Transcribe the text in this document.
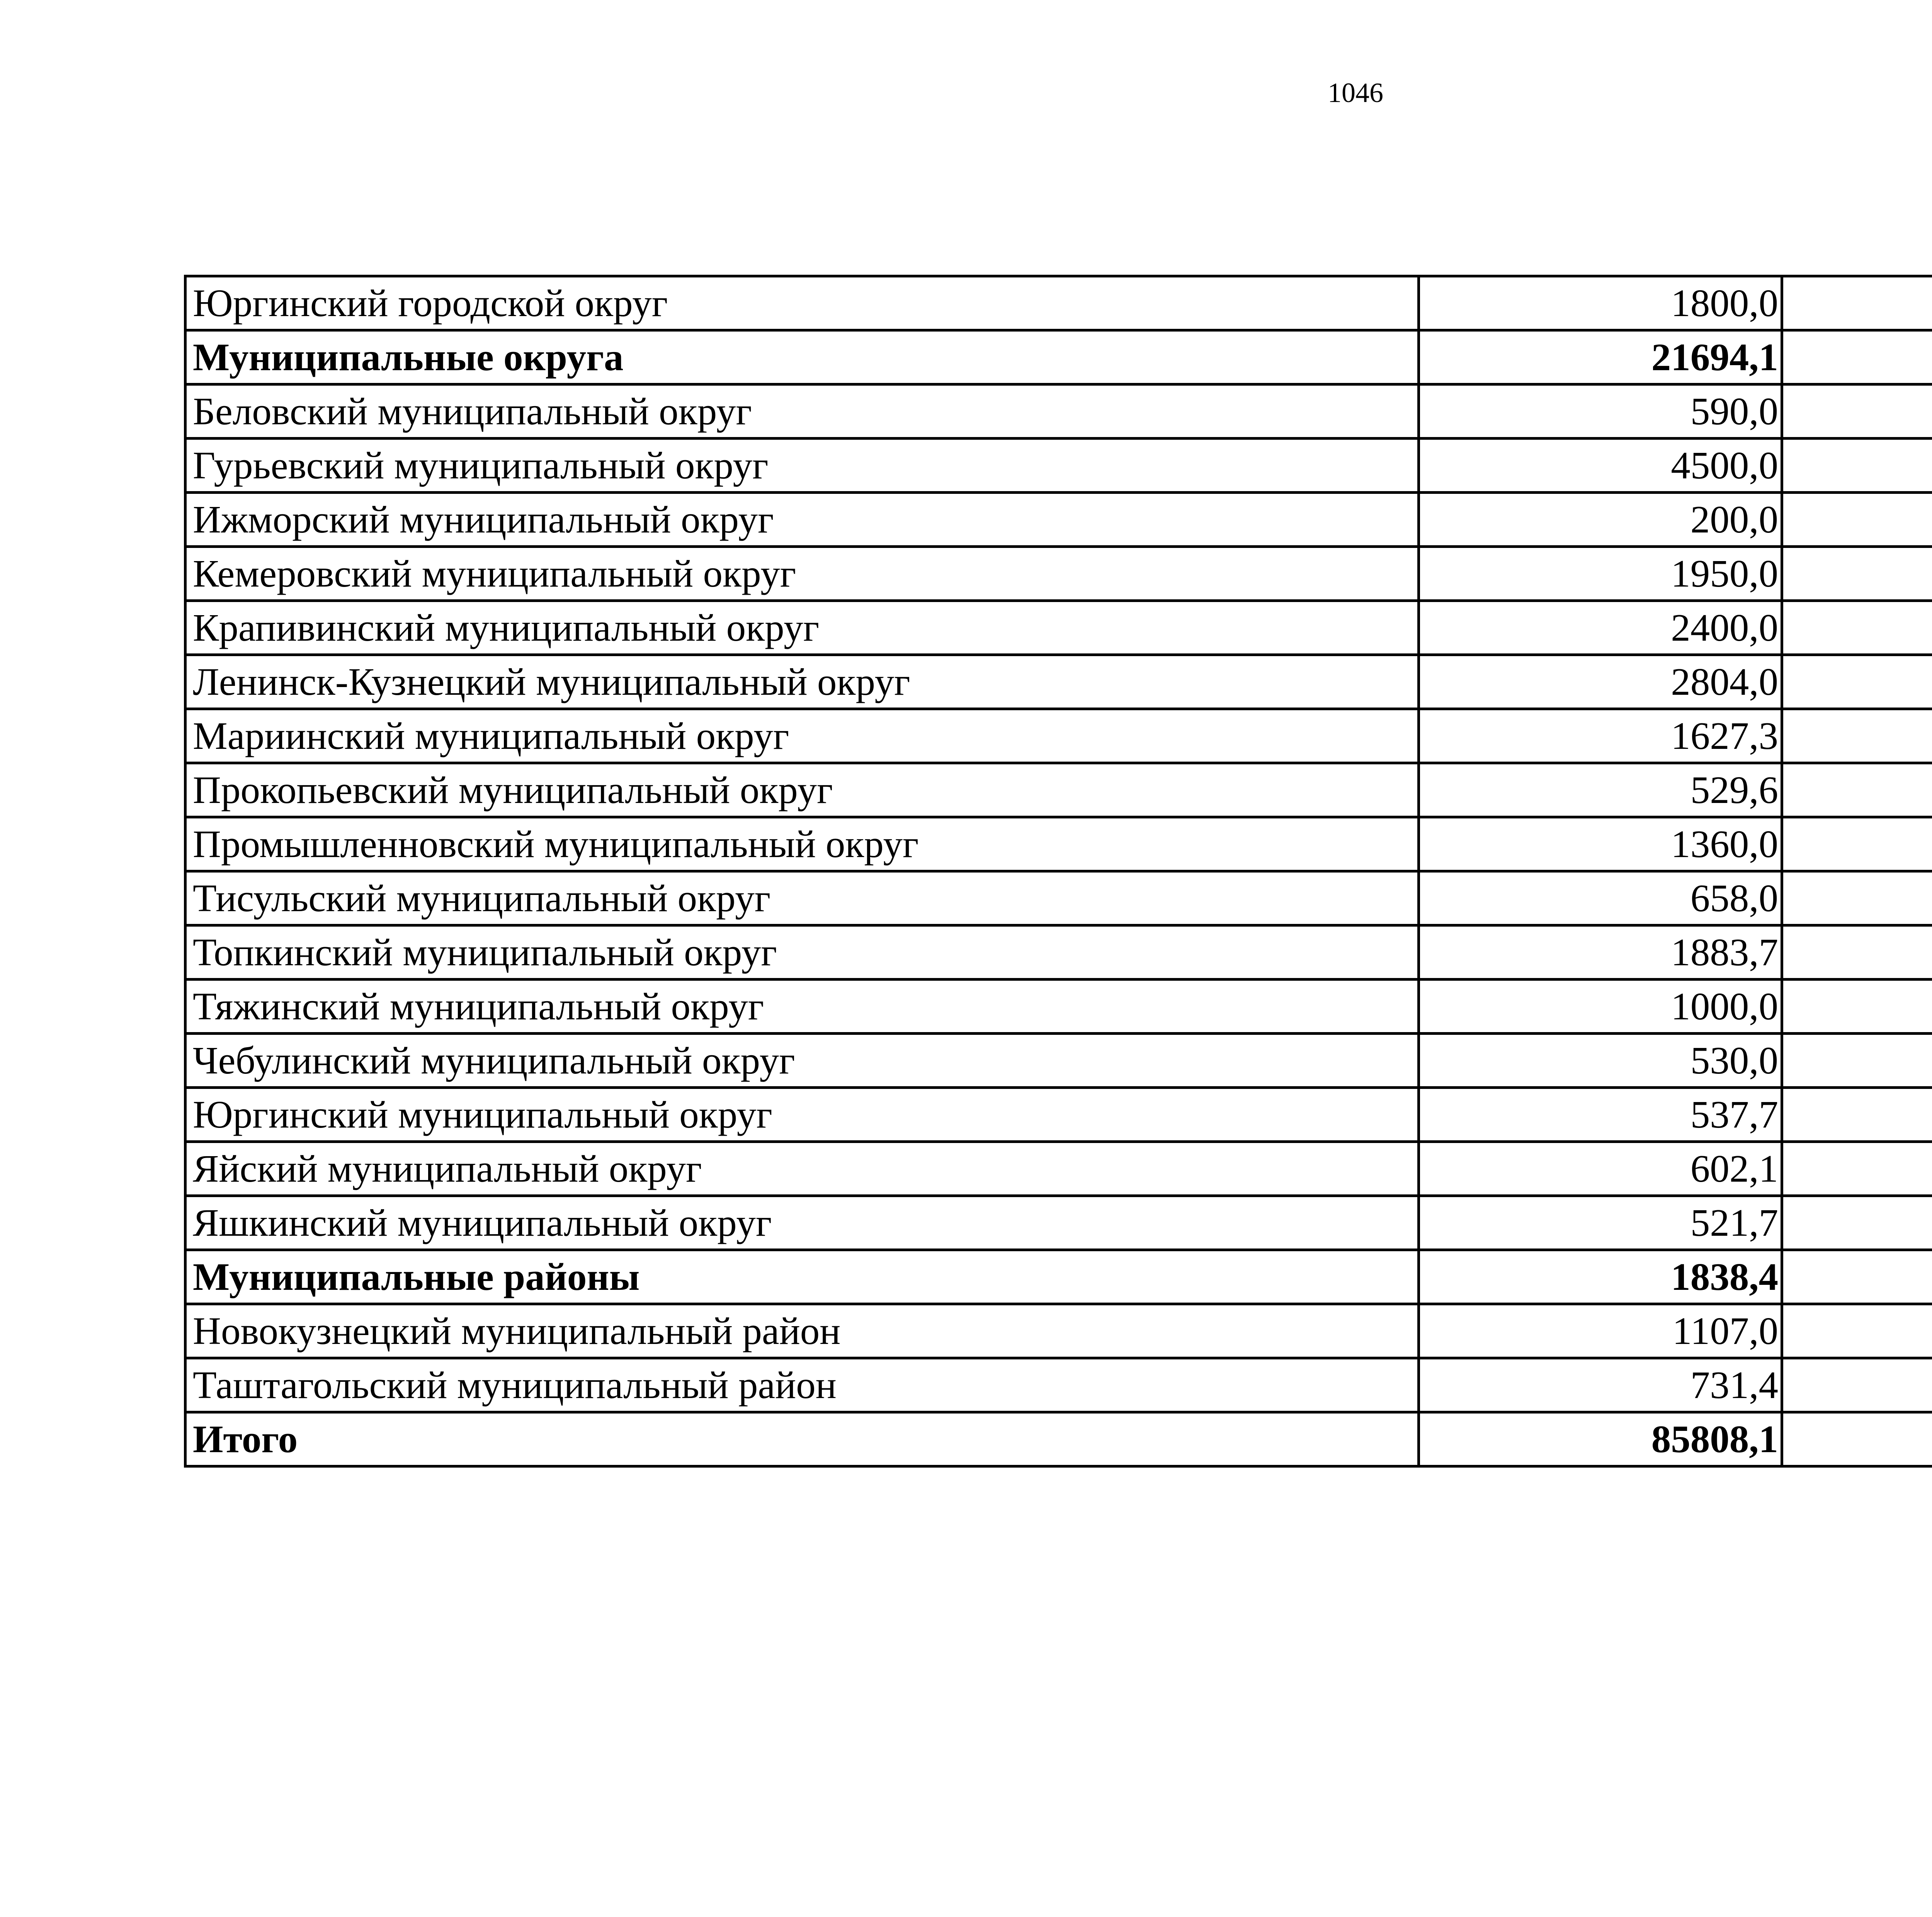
1046
Юргинский городской округ	1800,0		
Муниципальные округа	21694,1		
Беловский муниципальный округ	590,0		
Гурьевский муниципальный округ	4500,0		
Ижморский муниципальный округ	200,0		
Кемеровский муниципальный округ	1950,0		
Крапивинский муниципальный округ	2400,0		
Ленинск-Кузнецкий муниципальный округ	2804,0		
Мариинский муниципальный округ	1627,3		
Прокопьевский муниципальный округ	529,6		
Промышленновский муниципальный округ	1360,0		
Тисульский муниципальный округ	658,0		
Топкинский муниципальный округ	1883,7		
Тяжинский муниципальный округ	1000,0		
Чебулинский муниципальный округ	530,0		
Юргинский муниципальный округ	537,7		
Яйский муниципальный округ	602,1		
Яшкинский муниципальный округ	521,7		
Муниципальные районы	1838,4		
Новокузнецкий муниципальный район	1107,0		
Таштагольский муниципальный район	731,4		
Итого	85808,1		
